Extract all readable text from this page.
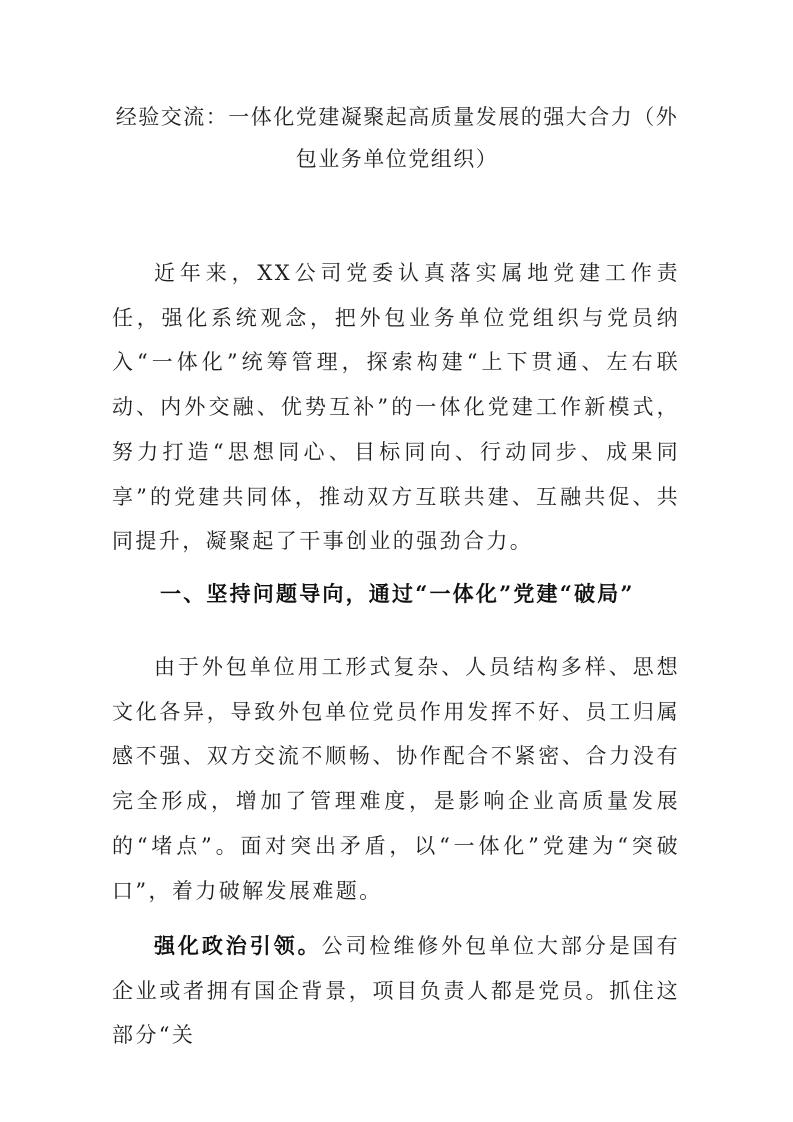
经验交流：一体化党建凝聚起高质量发展的强大合力（外包业务单位党组织）

近年来，XX公司党委认真落实属地党建工作责任，强化系统观念，把外包业务单位党组织与党员纳入“一体化”统筹管理，探索构建“上下贯通、左右联动、内外交融、优势互补”的一体化党建工作新模式，努力打造“思想同心、目标同向、行动同步、成果同享”的党建共同体，推动双方互联共建、互融共促、共同提升，凝聚起了干事创业的强劲合力。

一、坚持问题导向，通过“一体化”党建“破局”

由于外包单位用工形式复杂、人员结构多样、思想文化各异，导致外包单位党员作用发挥不好、员工归属感不强、双方交流不顺畅、协作配合不紧密、合力没有完全形成，增加了管理难度，是影响企业高质量发展的“堵点”。面对突出矛盾，以“一体化”党建为“突破口”，着力破解发展难题。

强化政治引领。公司检维修外包单位大部分是国有企业或者拥有国企背景，项目负责人都是党员。抓住这部分“关
